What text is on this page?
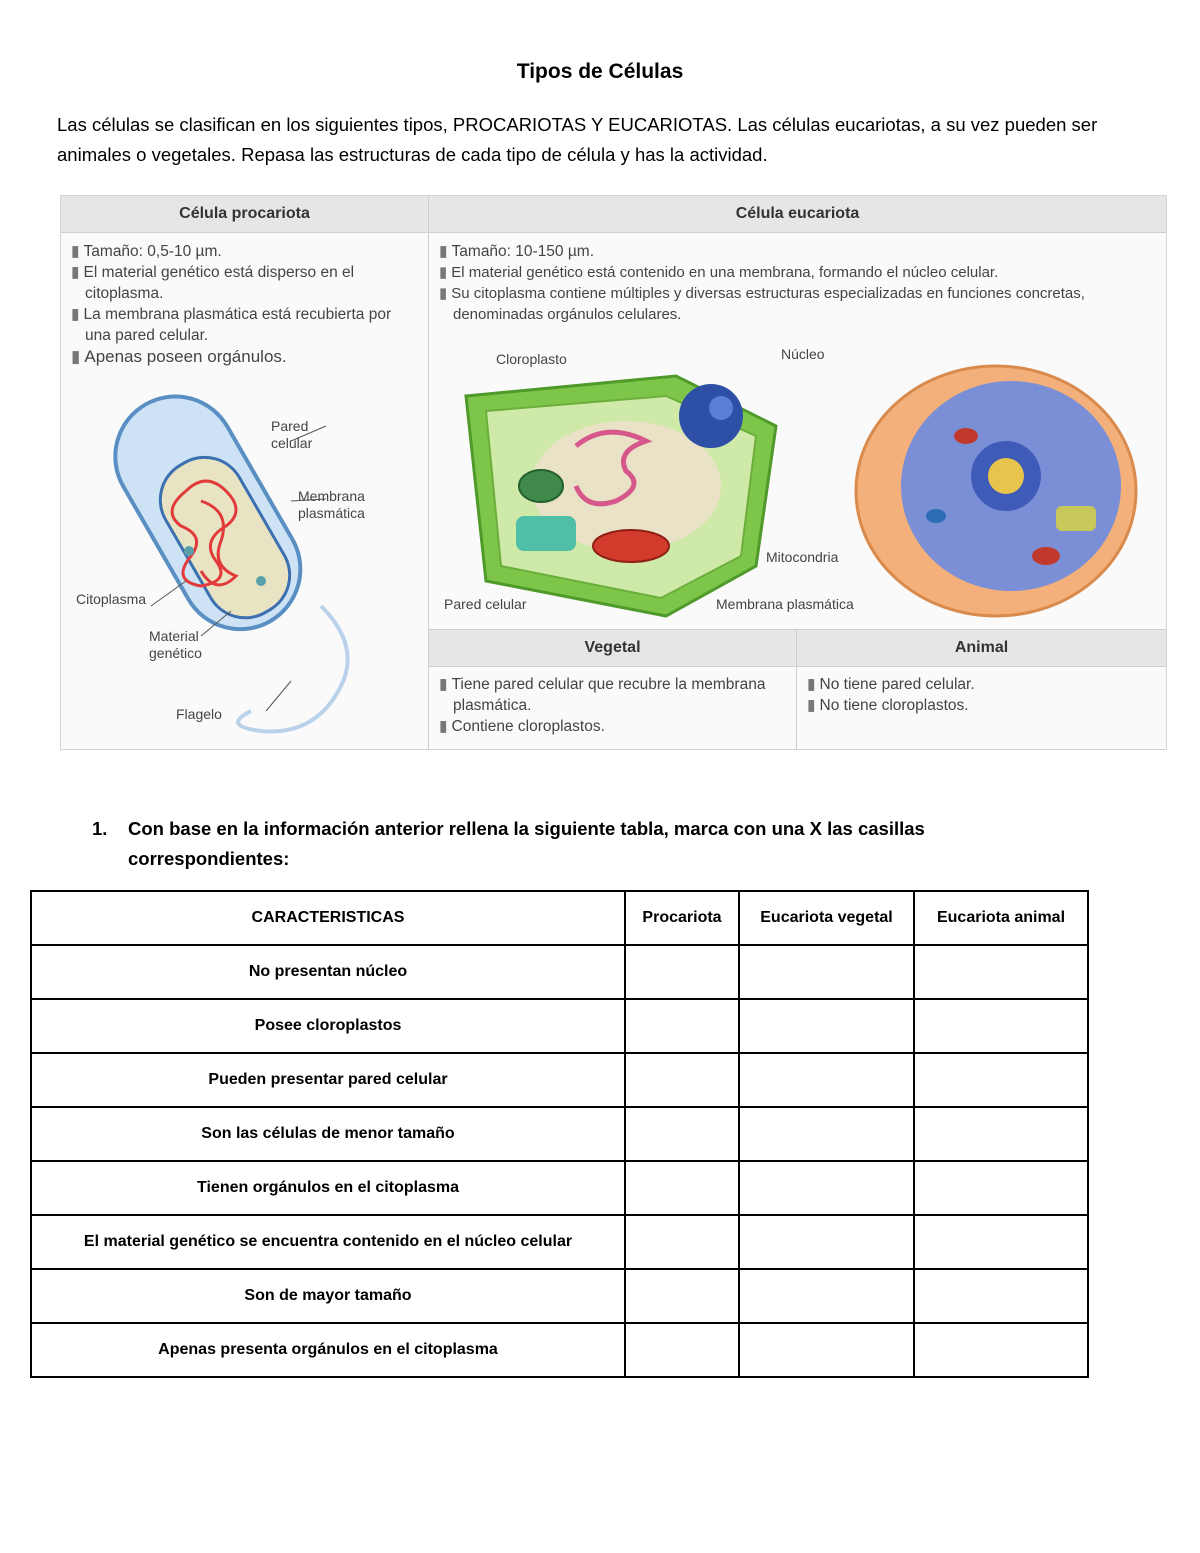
Tipos de Células
Las células se clasifican en los siguientes tipos, PROCARIOTAS Y EUCARIOTAS. Las células eucariotas, a su vez pueden ser animales o vegetales. Repasa las estructuras de cada tipo de célula y has la actividad.
Célula procariota	Célula eucariota
▮ Tamaño: 0,5-10 µm.
▮ El material genético está disperso en el citoplasma.
▮ La membrana plasmática está recubierta por una pared celular.
▮ Apenas poseen orgánulos.
Pared celular
Membrana plasmática
Citoplasma
Material genético
Flagelo
▮ Tamaño: 10-150 µm.
▮ El material genético está contenido en una membrana, formando el núcleo celular.
▮ Su citoplasma contiene múltiples y diversas estructuras especializadas en funciones concretas, denominadas orgánulos celulares.
Cloroplasto	Núcleo
Mitocondria
Pared celular	Membrana plasmática
Vegetal	Animal
▮ Tiene pared celular que recubre la membrana plasmática.
▮ Contiene cloroplastos.
▮ No tiene pared celular.
▮ No tiene cloroplastos.
1. Con base en la información anterior rellena la siguiente tabla, marca con una X las casillas
correspondientes:
CARACTERISTICAS	Procariota	Eucariota vegetal	Eucariota animal
No presentan núcleo			
Posee cloroplastos			
Pueden presentar pared celular			
Son las células de menor tamaño			
Tienen orgánulos en el citoplasma			
El material genético se encuentra contenido en el núcleo celular			
Son de mayor tamaño			
Apenas presenta orgánulos en el citoplasma			
